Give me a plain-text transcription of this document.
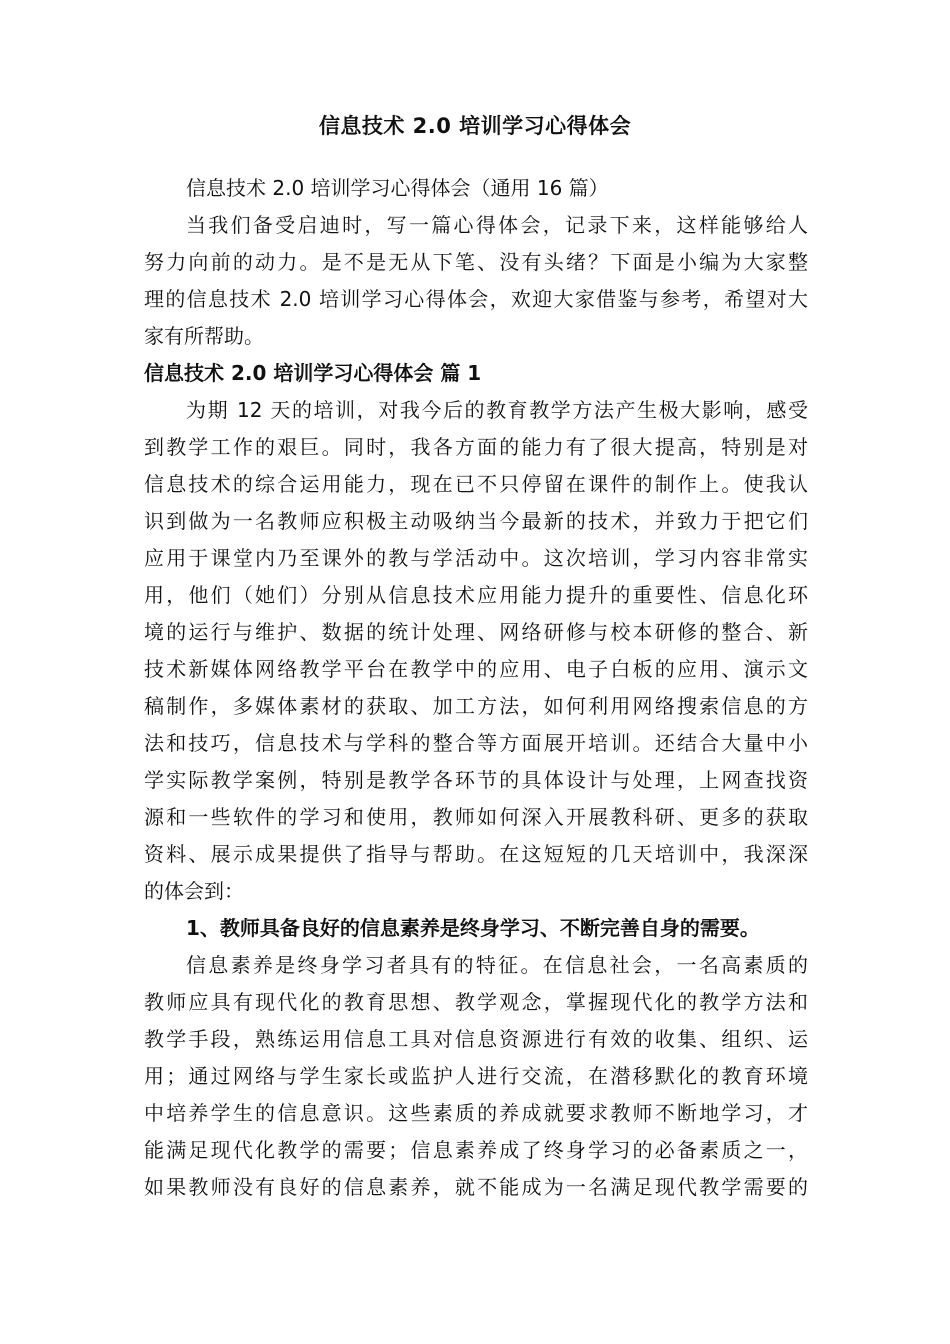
信息技术 2.0 培训学习心得体会
信息技术 2.0 培训学习心得体会（通用 16 篇）
当我们备受启迪时，写一篇心得体会，记录下来，这样能够给人
努力向前的动力。是不是无从下笔、没有头绪？下面是小编为大家整
理的信息技术 2.0 培训学习心得体会，欢迎大家借鉴与参考，希望对大
家有所帮助。
信息技术 2.0 培训学习心得体会 篇 1
为期 12 天的培训，对我今后的教育教学方法产生极大影响，感受
到教学工作的艰巨。同时，我各方面的能力有了很大提高，特别是对
信息技术的综合运用能力，现在已不只停留在课件的制作上。使我认
识到做为一名教师应积极主动吸纳当今最新的技术，并致力于把它们
应用于课堂内乃至课外的教与学活动中。这次培训，学习内容非常实
用，他们（她们）分别从信息技术应用能力提升的重要性、信息化环
境的运行与维护、数据的统计处理、网络研修与校本研修的整合、新
技术新媒体网络教学平台在教学中的应用、电子白板的应用、演示文
稿制作，多媒体素材的获取、加工方法，如何利用网络搜索信息的方
法和技巧，信息技术与学科的整合等方面展开培训。还结合大量中小
学实际教学案例，特别是教学各环节的具体设计与处理，上网查找资
源和一些软件的学习和使用，教师如何深入开展教科研、更多的获取
资料、展示成果提供了指导与帮助。在这短短的几天培训中，我深深
的体会到：
1、教师具备良好的信息素养是终身学习、不断完善自身的需要。
信息素养是终身学习者具有的特征。在信息社会，一名高素质的
教师应具有现代化的教育思想、教学观念，掌握现代化的教学方法和
教学手段，熟练运用信息工具对信息资源进行有效的收集、组织、运
用；通过网络与学生家长或监护人进行交流，在潜移默化的教育环境
中培养学生的信息意识。这些素质的养成就要求教师不断地学习，才
能满足现代化教学的需要；信息素养成了终身学习的必备素质之一，
如果教师没有良好的信息素养，就不能成为一名满足现代教学需要的
